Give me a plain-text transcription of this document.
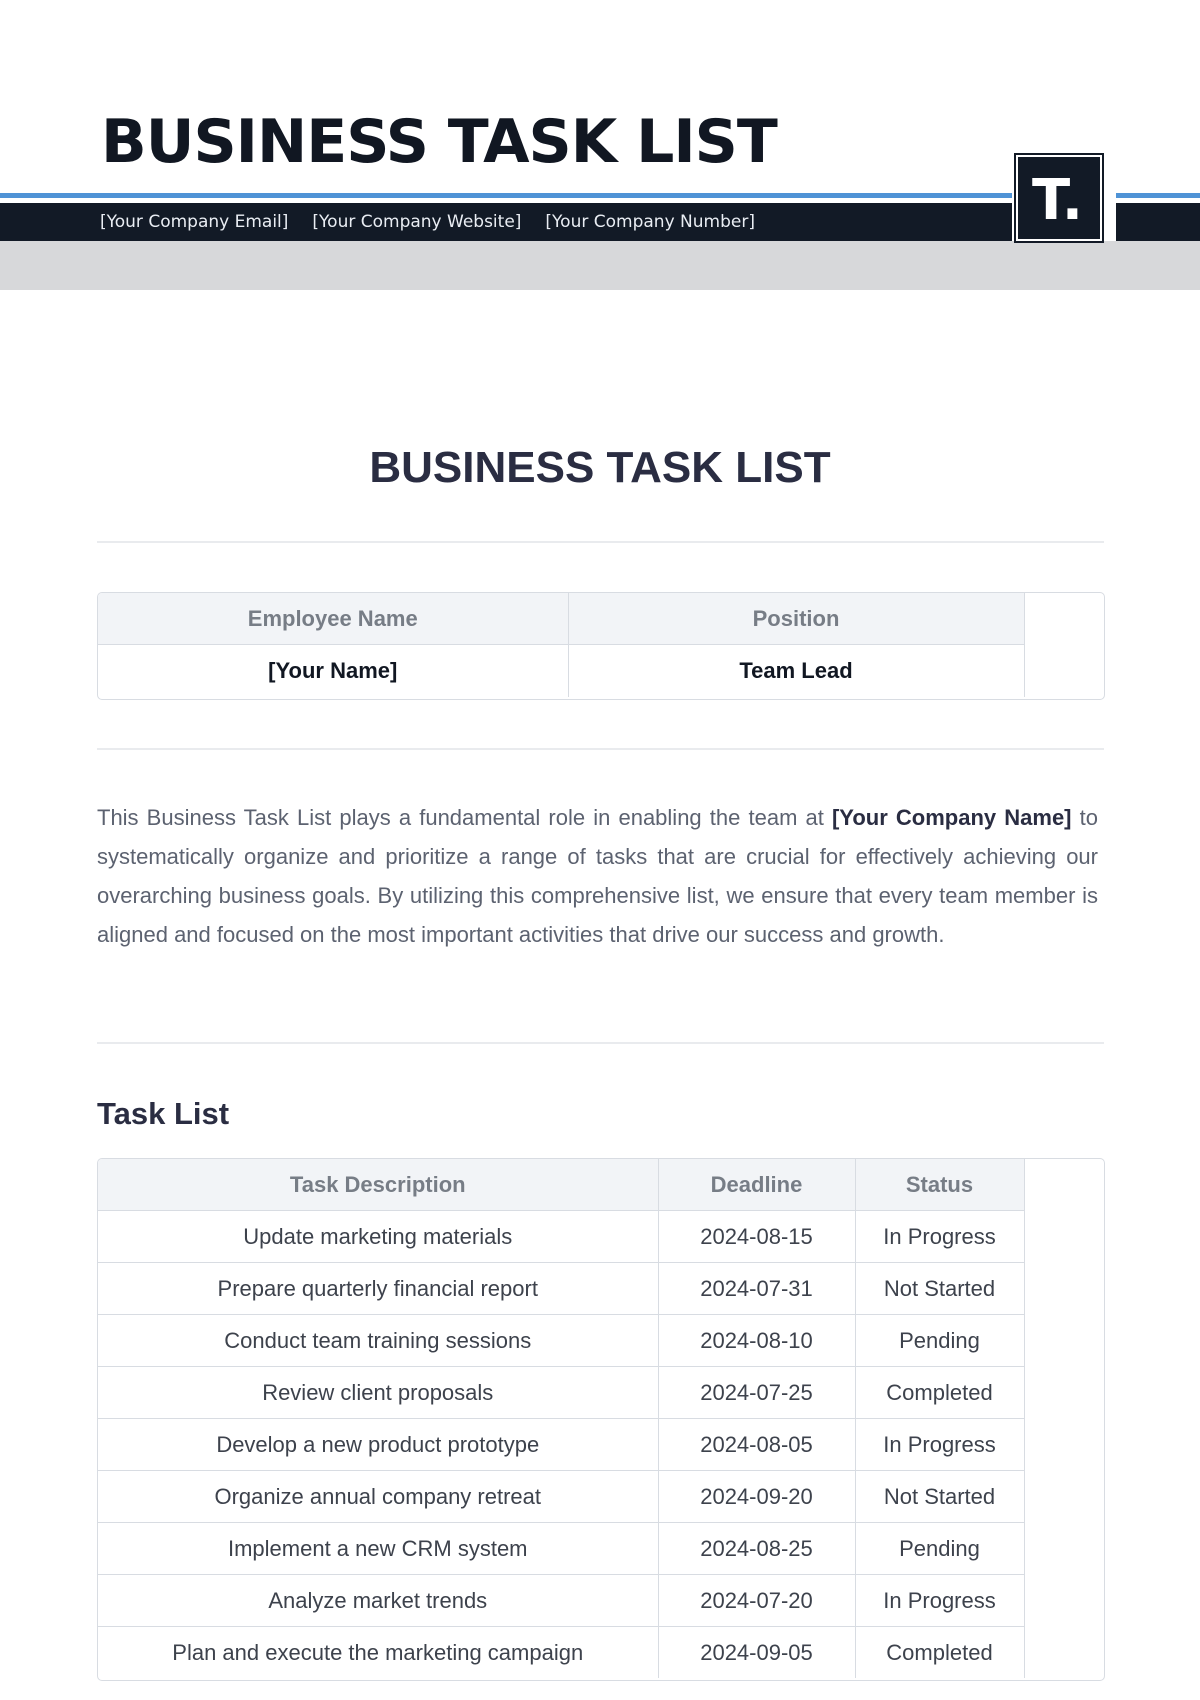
BUSINESS TASK LIST
[Your Company Email] [Your Company Website] [Your Company Number]	T.
BUSINESS TASK LIST
Employee Name	Position
[Your Name]	Team Lead

This Business Task List plays a fundamental role in enabling the team at [Your Company Name] to systematically organize and prioritize a range of tasks that are crucial for effectively achieving our overarching business goals. By utilizing this comprehensive list, we ensure that every team member is aligned and focused on the most important activities that drive our success and growth.

Task List
Task Description	Deadline	Status
Update marketing materials	2024-08-15	In Progress
Prepare quarterly financial report	2024-07-31	Not Started
Conduct team training sessions	2024-08-10	Pending
Review client proposals	2024-07-25	Completed
Develop a new product prototype	2024-08-05	In Progress
Organize annual company retreat	2024-09-20	Not Started
Implement a new CRM system	2024-08-25	Pending
Analyze market trends	2024-07-20	In Progress
Plan and execute the marketing campaign	2024-09-05	Completed
